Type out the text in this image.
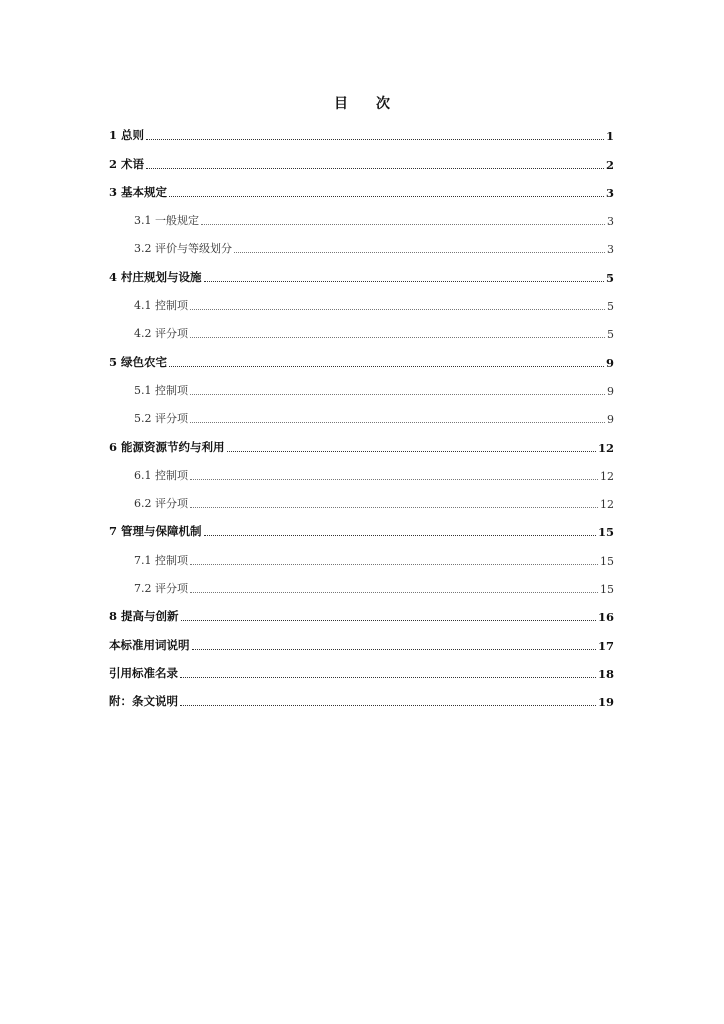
目 次
1 总则	1
2 术语	2
3 基本规定	3
3.1 一般规定	3
3.2 评价与等级划分	3
4 村庄规划与设施	5
4.1 控制项	5
4.2 评分项	5
5 绿色农宅	9
5.1 控制项	9
5.2 评分项	9
6 能源资源节约与利用	12
6.1 控制项	12
6.2 评分项	12
7 管理与保障机制	15
7.1 控制项	15
7.2 评分项	15
8 提高与创新	16
本标准用词说明	17
引用标准名录	18
附：条文说明	19
